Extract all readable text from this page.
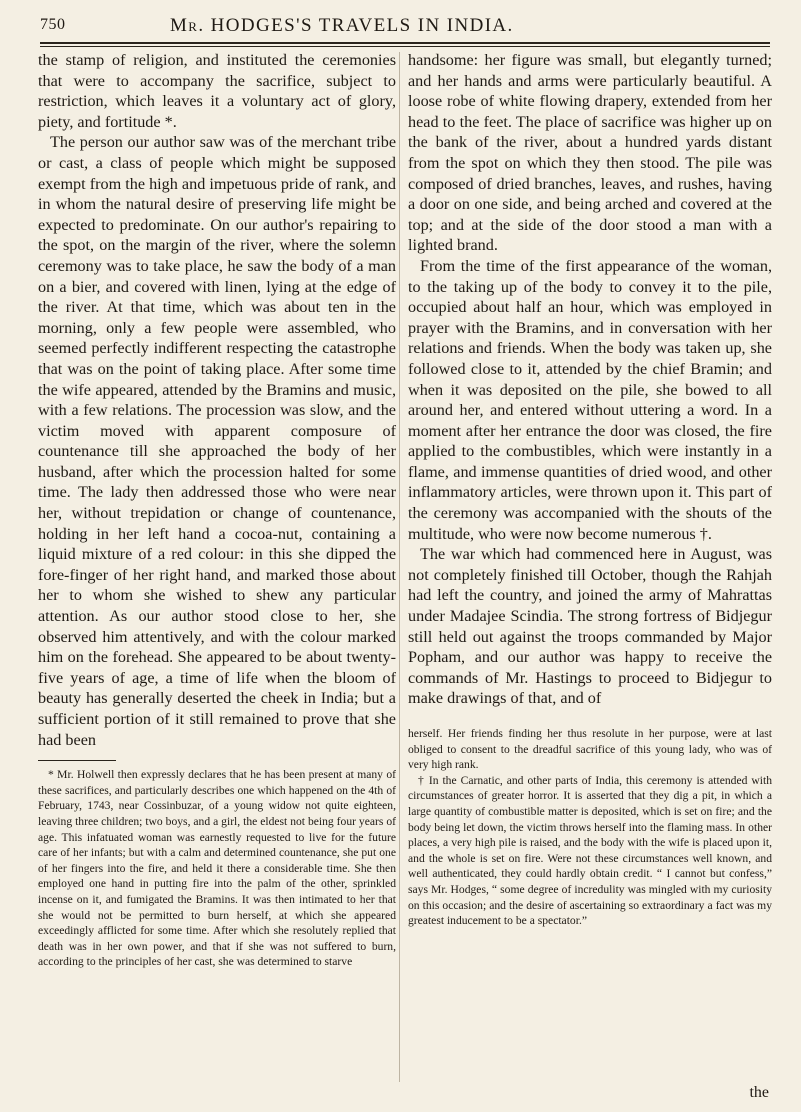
750	Mr. HODGES'S TRAVELS IN INDIA.

the stamp of religion, and instituted the ceremonies that were to accompany the sacrifice, subject to restriction, which leaves it a voluntary act of glory, piety, and fortitude *.

The person our author saw was of the merchant tribe or cast, a class of people which might be supposed exempt from the high and impetuous pride of rank, and in whom the natural desire of preserving life might be expected to predominate. On our author's repairing to the spot, on the margin of the river, where the solemn ceremony was to take place, he saw the body of a man on a bier, and covered with linen, lying at the edge of the river. At that time, which was about ten in the morning, only a few people were assembled, who seemed perfectly indifferent respecting the catastrophe that was on the point of taking place. After some time the wife appeared, attended by the Bramins and music, with a few relations. The procession was slow, and the victim moved with apparent composure of countenance till she approached the body of her husband, after which the procession halted for some time. The lady then addressed those who were near her, without trepidation or change of countenance, holding in her left hand a cocoa-nut, containing a liquid mixture of a red colour: in this she dipped the fore-finger of her right hand, and marked those about her to whom she wished to shew any particular attention. As our author stood close to her, she observed him attentively, and with the colour marked him on the forehead. She appeared to be about twenty-five years of age, a time of life when the bloom of beauty has generally deserted the cheek in India; but a sufficient portion of it still remained to prove that she had been

* Mr. Holwell then expressly declares that he has been present at many of these sacrifices, and particularly describes one which happened on the 4th of February, 1743, near Cossinbuzar, of a young widow not quite eighteen, leaving three children; two boys, and a girl, the eldest not being four years of age. This infatuated woman was earnestly requested to live for the future care of her infants; but with a calm and determined countenance, she put one of her fingers into the fire, and held it there a considerable time. She then employed one hand in putting fire into the palm of the other, sprinkled incense on it, and fumigated the Bramins. It was then intimated to her that she would not be permitted to burn herself, at which she appeared exceedingly afflicted for some time. After which she resolutely replied that death was in her own power, and that if she was not suffered to burn, according to the principles of her cast, she was determined to starve

handsome: her figure was small, but elegantly turned; and her hands and arms were particularly beautiful. A loose robe of white flowing drapery, extended from her head to the feet. The place of sacrifice was higher up on the bank of the river, about a hundred yards distant from the spot on which they then stood. The pile was composed of dried branches, leaves, and rushes, having a door on one side, and being arched and covered at the top; and at the side of the door stood a man with a lighted brand.

From the time of the first appearance of the woman, to the taking up of the body to convey it to the pile, occupied about half an hour, which was employed in prayer with the Bramins, and in conversation with her relations and friends. When the body was taken up, she followed close to it, attended by the chief Bramin; and when it was deposited on the pile, she bowed to all around her, and entered without uttering a word. In a moment after her entrance the door was closed, the fire applied to the combustibles, which were instantly in a flame, and immense quantities of dried wood, and other inflammatory articles, were thrown upon it. This part of the ceremony was accompanied with the shouts of the multitude, who were now become numerous †.

The war which had commenced here in August, was not completely finished till October, though the Rahjah had left the country, and joined the army of Mahrattas under Madajee Scindia. The strong fortress of Bidjegur still held out against the troops commanded by Major Popham, and our author was happy to receive the commands of Mr. Hastings to proceed to Bidjegur to make drawings of that, and of

herself. Her friends finding her thus resolute in her purpose, were at last obliged to consent to the dreadful sacrifice of this young lady, who was of very high rank.

† In the Carnatic, and other parts of India, this ceremony is attended with circumstances of greater horror. It is asserted that they dig a pit, in which a large quantity of combustible matter is deposited, which is set on fire; and the body being let down, the victim throws herself into the flaming mass. In other places, a very high pile is raised, and the body with the wife is placed upon it, and the whole is set on fire. Were not these circumstances well known, and well authenticated, they could hardly obtain credit. “ I cannot but confess,” says Mr. Hodges, “ some degree of incredulity was mingled with my curiosity on this occasion; and the desire of ascertaining so extraordinary a fact was my greatest inducement to be a spectator.”

the
